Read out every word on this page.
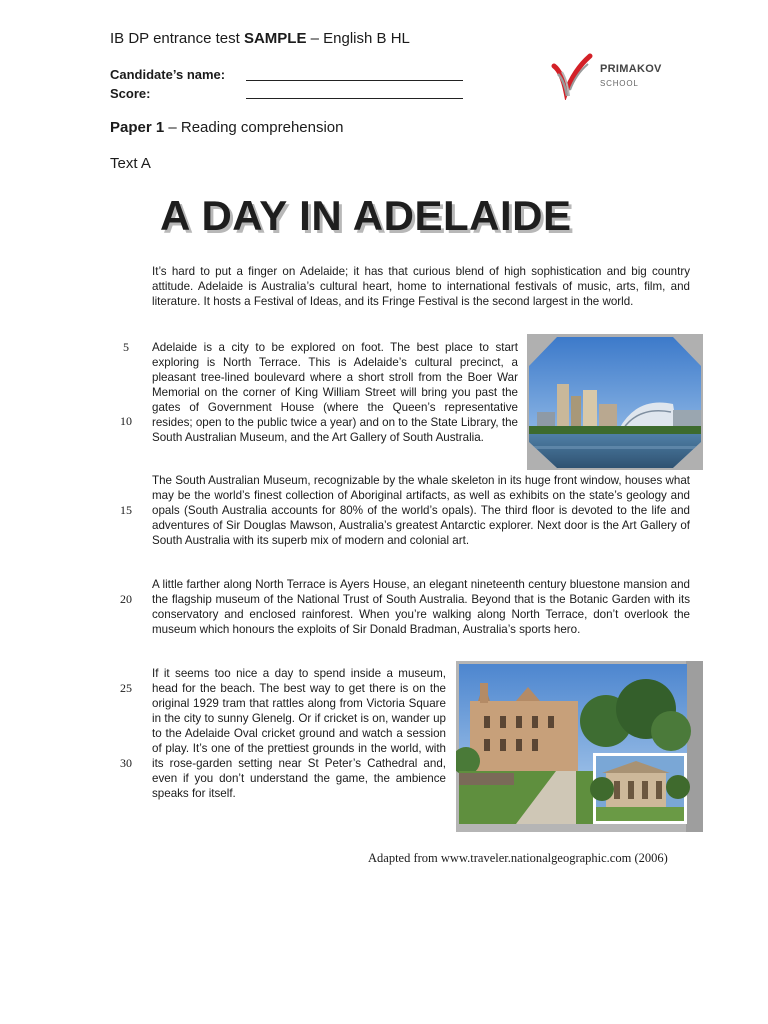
IB DP entrance test SAMPLE – English B HL
Candidate’s name:
Score:
PRIMAKOV
SCHOOL
Paper 1 – Reading comprehension
Text A
A DAY IN ADELAIDE
It’s hard to put a finger on Adelaide; it has that curious blend of high sophistication and big country attitude. Adelaide is Australia’s cultural heart, home to international festivals of music, arts, film, and literature. It hosts a Festival of Ideas, and its Fringe Festival is the second largest in the world.
Adelaide is a city to be explored on foot. The best place to start exploring is North Terrace. This is Adelaide’s cultural precinct, a pleasant tree-lined boulevard where a short stroll from the Boer War Memorial on the corner of King William Street will bring you past the gates of Government House (where the Queen’s representative resides; open to the public twice a year) and on to the State Library, the South Australian Museum, and the Art Gallery of South Australia.
The South Australian Museum, recognizable by the whale skeleton in its huge front window, houses what may be the world’s finest collection of Aboriginal artifacts, as well as exhibits on the state’s geology and opals (South Australia accounts for 80% of the world’s opals). The third floor is devoted to the life and adventures of Sir Douglas Mawson, Australia’s greatest Antarctic explorer. Next door is the Art Gallery of South Australia with its superb mix of modern and colonial art.
A little farther along North Terrace is Ayers House, an elegant nineteenth century bluestone mansion and the flagship museum of the National Trust of South Australia. Beyond that is the Botanic Garden with its conservatory and enclosed rainforest. When you’re walking along North Terrace, don’t overlook the museum which honours the exploits of Sir Donald Bradman, Australia’s sports hero.
If it seems too nice a day to spend inside a museum, head for the beach. The best way to get there is on the original 1929 tram that rattles along from Victoria Square in the city to sunny Glenelg. Or if cricket is on, wander up to the Adelaide Oval cricket ground and watch a session of play. It’s one of the prettiest grounds in the world, with its rose-garden setting near St Peter’s Cathedral and, even if you don’t understand the game, the ambience speaks for itself.
5
10
15
20
25
30
Adapted from www.traveler.nationalgeographic.com (2006)
